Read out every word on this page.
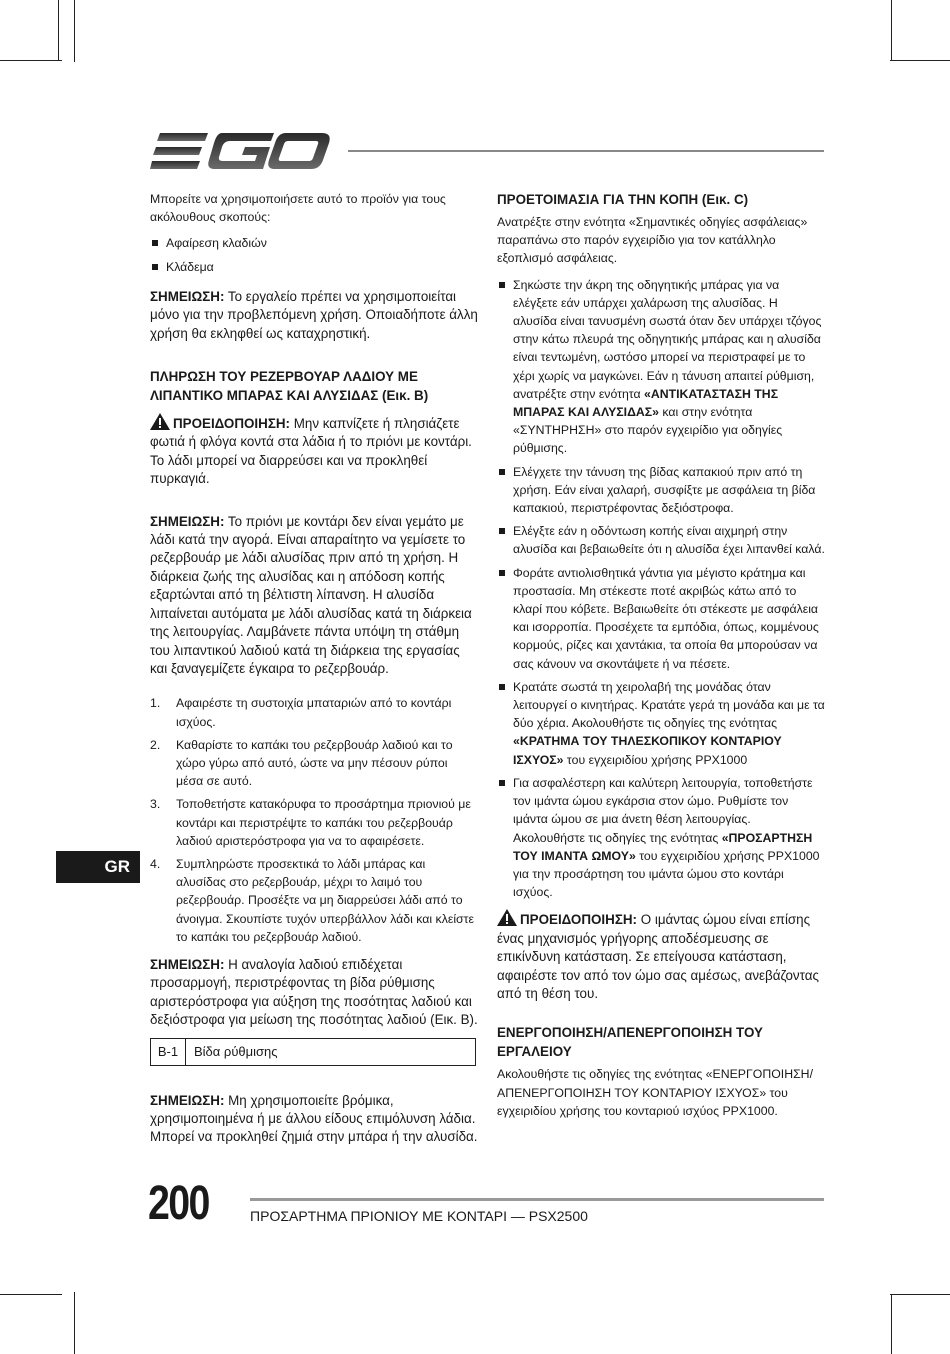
Μπορείτε να χρησιμοποιήσετε αυτό το προϊόν για τους ακόλουθους σκοπούς:

Αφαίρεση κλαδιών
Κλάδεμα

ΣΗΜΕΙΩΣΗ: Το εργαλείο πρέπει να χρησιμοποιείται μόνο για την προβλεπόμενη χρήση. Οποιαδήποτε άλλη χρήση θα εκληφθεί ως καταχρηστική.

ΠΛΗΡΩΣΗ ΤΟΥ ΡΕΖΕΡΒΟΥΑΡ ΛΑΔΙΟΥ ΜΕ ΛΙΠΑΝΤΙΚΟ ΜΠΑΡΑΣ ΚΑΙ ΑΛΥΣΙΔΑΣ (Εικ. B)

ΠΡΟΕΙΔΟΠΟΙΗΣΗ: Μην καπνίζετε ή πλησιάζετε φωτιά ή φλόγα κοντά στα λάδια ή το πριόνι με κοντάρι. Το λάδι μπορεί να διαρρεύσει και να προκληθεί πυρκαγιά.

ΣΗΜΕΙΩΣΗ: Το πριόνι με κοντάρι δεν είναι γεμάτο με λάδι κατά την αγορά. Είναι απαραίτητο να γεμίσετε το ρεζερβουάρ με λάδι αλυσίδας πριν από τη χρήση. Η διάρκεια ζωής της αλυσίδας και η απόδοση κοπής εξαρτώνται από τη βέλτιστη λίπανση. Η αλυσίδα λιπαίνεται αυτόματα με λάδι αλυσίδας κατά τη διάρκεια της λειτουργίας. Λαμβάνετε πάντα υπόψη τη στάθμη του λιπαντικού λαδιού κατά τη διάρκεια της εργασίας και ξαναγεμίζετε έγκαιρα το ρεζερβουάρ.

1. Αφαιρέστε τη συστοιχία μπαταριών από το κοντάρι ισχύος.
2. Καθαρίστε το καπάκι του ρεζερβουάρ λαδιού και το χώρο γύρω από αυτό, ώστε να μην πέσουν ρύποι μέσα σε αυτό.
3. Τοποθετήστε κατακόρυφα το προσάρτημα πριονιού με κοντάρι και περιστρέψτε το καπάκι του ρεζερβουάρ λαδιού αριστερόστροφα για να το αφαιρέσετε.
4. Συμπληρώστε προσεκτικά το λάδι μπάρας και αλυσίδας στο ρεζερβουάρ, μέχρι το λαιμό του ρεζερβουάρ. Προσέξτε να μη διαρρεύσει λάδι από το άνοιγμα. Σκουπίστε τυχόν υπερβάλλον λάδι και κλείστε το καπάκι του ρεζερβουάρ λαδιού.

ΣΗΜΕΙΩΣΗ: Η αναλογία λαδιού επιδέχεται προσαρμογή, περιστρέφοντας τη βίδα ρύθμισης αριστερόστροφα για αύξηση της ποσότητας λαδιού και δεξιόστροφα για μείωση της ποσότητας λαδιού (Εικ. B).

B-1	Βίδα ρύθμισης

ΣΗΜΕΙΩΣΗ: Μη χρησιμοποιείτε βρόμικα, χρησιμοποιημένα ή με άλλου είδους επιμόλυνση λάδια. Μπορεί να προκληθεί ζημιά στην μπάρα ή την αλυσίδα.

ΠΡΟΕΤΟΙΜΑΣΙΑ ΓΙΑ ΤΗΝ ΚΟΠΗ (Εικ. C)

Ανατρέξτε στην ενότητα «Σημαντικές οδηγίες ασφάλειας» παραπάνω στο παρόν εγχειρίδιο για τον κατάλληλο εξοπλισμό ασφάλειας.

Σηκώστε την άκρη της οδηγητικής μπάρας για να ελέγξετε εάν υπάρχει χαλάρωση της αλυσίδας. Η αλυσίδα είναι τανυσμένη σωστά όταν δεν υπάρχει τζόγος στην κάτω πλευρά της οδηγητικής μπάρας και η αλυσίδα είναι τεντωμένη, ωστόσο μπορεί να περιστραφεί με το χέρι χωρίς να μαγκώνει. Εάν η τάνυση απαιτεί ρύθμιση, ανατρέξτε στην ενότητα «ΑΝΤΙΚΑΤΑΣΤΑΣΗ ΤΗΣ ΜΠΑΡΑΣ ΚΑΙ ΑΛΥΣΙΔΑΣ» και στην ενότητα «ΣΥΝΤΗΡΗΣΗ» στο παρόν εγχειρίδιο για οδηγίες ρύθμισης.
Ελέγχετε την τάνυση της βίδας καπακιού πριν από τη χρήση. Εάν είναι χαλαρή, συσφίξτε με ασφάλεια τη βίδα καπακιού, περιστρέφοντας δεξιόστροφα.
Ελέγξτε εάν η οδόντωση κοπής είναι αιχμηρή στην αλυσίδα και βεβαιωθείτε ότι η αλυσίδα έχει λιπανθεί καλά.
Φοράτε αντιολισθητικά γάντια για μέγιστο κράτημα και προστασία. Μη στέκεστε ποτέ ακριβώς κάτω από το κλαρί που κόβετε. Βεβαιωθείτε ότι στέκεστε με ασφάλεια και ισορροπία. Προσέχετε τα εμπόδια, όπως, κομμένους κορμούς, ρίζες και χαντάκια, τα οποία θα μπορούσαν να σας κάνουν να σκοντάψετε ή να πέσετε.
Κρατάτε σωστά τη χειρολαβή της μονάδας όταν λειτουργεί ο κινητήρας. Κρατάτε γερά τη μονάδα και με τα δύο χέρια. Ακολουθήστε τις οδηγίες της ενότητας «ΚΡΑΤΗΜΑ ΤΟΥ ΤΗΛΕΣΚΟΠΙΚΟΥ ΚΟΝΤΑΡΙΟΥ ΙΣΧΥΟΣ» του εγχειριδίου χρήσης PPX1000
Για ασφαλέστερη και καλύτερη λειτουργία, τοποθετήστε τον ιμάντα ώμου εγκάρσια στον ώμο. Ρυθμίστε τον ιμάντα ώμου σε μια άνετη θέση λειτουργίας. Ακολουθήστε τις οδηγίες της ενότητας «ΠΡΟΣΑΡΤΗΣΗ ΤΟΥ ΙΜΑΝΤΑ ΩΜΟΥ» του εγχειριδίου χρήσης PPX1000 για την προσάρτηση του ιμάντα ώμου στο κοντάρι ισχύος.

ΠΡΟΕΙΔΟΠΟΙΗΣΗ: Ο ιμάντας ώμου είναι επίσης ένας μηχανισμός γρήγορης αποδέσμευσης σε επικίνδυνη κατάσταση. Σε επείγουσα κατάσταση, αφαιρέστε τον από τον ώμο σας αμέσως, ανεβάζοντας από τη θέση του.

ΕΝΕΡΓΟΠΟΙΗΣΗ/ΑΠΕΝΕΡΓΟΠΟΙΗΣΗ ΤΟΥ ΕΡΓΑΛΕΙΟΥ

Ακολουθήστε τις οδηγίες της ενότητας «ΕΝΕΡΓΟΠΟΙΗΣΗ/ ΑΠΕΝΕΡΓΟΠΟΙΗΣΗ ΤΟΥ ΚΟΝΤΑΡΙΟΥ ΙΣΧΥΟΣ» του εγχειριδίου χρήσης του κονταριού ισχύος PPX1000.

GR
200	ΠΡΟΣΑΡΤΗΜΑ ΠΡΙΟΝΙΟΥ ΜΕ ΚΟΝΤΑΡΙ — PSX2500
